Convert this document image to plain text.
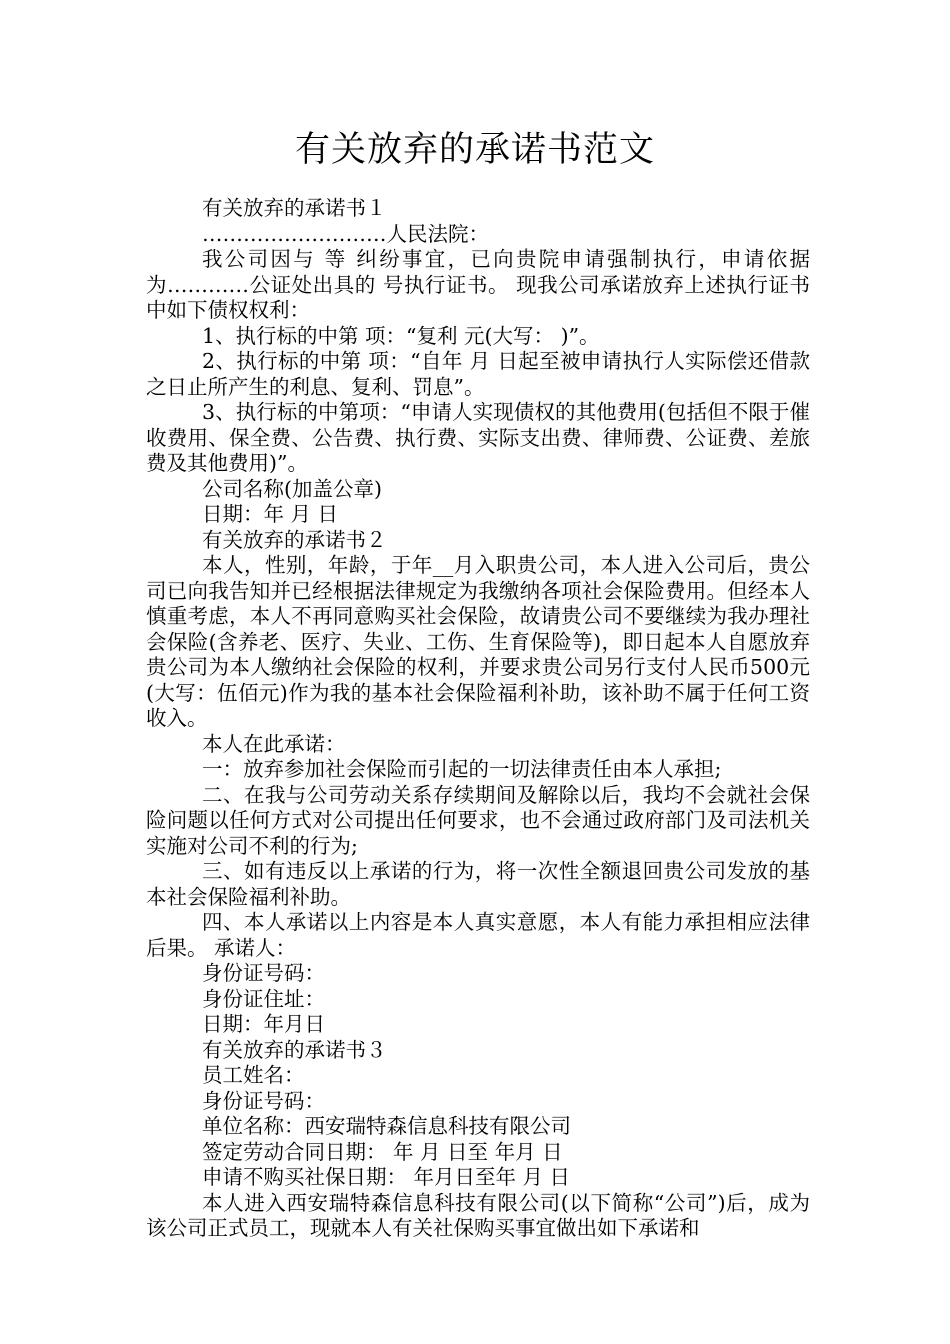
有关放弃的承诺书范文

有关放弃的承诺书１

………………………人民法院：

我公司因与 等 纠纷事宜，已向贵院申请强制执行，申请依据为…………公证处出具的 号执行证书。 现我公司承诺放弃上述执行证书中如下债权权利：

1、执行标的中第 项：“复利 元(大写： )”。

2、执行标的中第 项：“自年 月 日起至被申请执行人实际偿还借款之日止所产生的利息、复利、罚息”。

3、执行标的中第项：“申请人实现债权的其他费用(包括但不限于催收费用、保全费、公告费、执行费、实际支出费、律师费、公证费、差旅费及其他费用)”。

公司名称(加盖公章)

日期：年 月 日

有关放弃的承诺书２

本人，性别，年龄，于年__月入职贵公司，本人进入公司后，贵公司已向我告知并已经根据法律规定为我缴纳各项社会保险费用。但经本人慎重考虑，本人不再同意购买社会保险，故请贵公司不要继续为我办理社会保险(含养老、医疗、失业、工伤、生育保险等)，即日起本人自愿放弃贵公司为本人缴纳社会保险的权利，并要求贵公司另行支付人民币500元(大写：伍佰元)作为我的基本社会保险福利补助，该补助不属于任何工资收入。

本人在此承诺：

一：放弃参加社会保险而引起的一切法律责任由本人承担;

二、在我与公司劳动关系存续期间及解除以后，我均不会就社会保险问题以任何方式对公司提出任何要求，也不会通过政府部门及司法机关实施对公司不利的行为;

三、如有违反以上承诺的行为，将一次性全额退回贵公司发放的基本社会保险福利补助。

四、本人承诺以上内容是本人真实意愿，本人有能力承担相应法律后果。 承诺人：

身份证号码：

身份证住址：

日期：年月日

有关放弃的承诺书３

员工姓名：

身份证号码：

单位名称：西安瑞特森信息科技有限公司

签定劳动合同日期： 年 月 日至 年月 日

申请不购买社保日期： 年月日至年 月 日

本人进入西安瑞特森信息科技有限公司(以下简称“公司”)后，成为该公司正式员工，现就本人有关社保购买事宜做出如下承诺和
